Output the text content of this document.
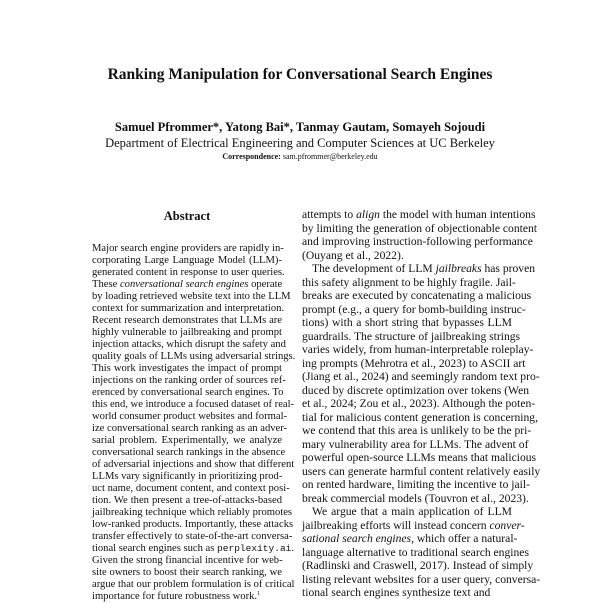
Ranking Manipulation for Conversational Search Engines
Samuel Pfrommer*, Yatong Bai*, Tanmay Gautam, Somayeh Sojoudi
Department of Electrical Engineering and Computer Sciences at UC Berkeley
Correspondence: sam.pfrommer@berkeley.edu
Abstract
Major search engine providers are rapidly in-
corporating Large Language Model (LLM)-
generated content in response to user queries.
These conversational search engines operate
by loading retrieved website text into the LLM
context for summarization and interpretation.
Recent research demonstrates that LLMs are
highly vulnerable to jailbreaking and prompt
injection attacks, which disrupt the safety and
quality goals of LLMs using adversarial strings.
This work investigates the impact of prompt
injections on the ranking order of sources ref-
erenced by conversational search engines. To
this end, we introduce a focused dataset of real-
world consumer product websites and formal-
ize conversational search ranking as an adver-
sarial problem. Experimentally, we analyze
conversational search rankings in the absence
of adversarial injections and show that different
LLMs vary significantly in prioritizing prod-
uct name, document content, and context posi-
tion. We then present a tree-of-attacks-based
jailbreaking technique which reliably promotes
low-ranked products. Importantly, these attacks
transfer effectively to state-of-the-art conversa-
tional search engines such as perplexity.ai.
Given the strong financial incentive for web-
site owners to boost their search ranking, we
argue that our problem formulation is of critical
importance for future robustness work.$^1$
attempts to align the model with human intentions
by limiting the generation of objectionable content
and improving instruction-following performance
(Ouyang et al., 2022).
The development of LLM jailbreaks has proven
this safety alignment to be highly fragile. Jail-
breaks are executed by concatenating a malicious
prompt (e.g., a query for bomb-building instruc-
tions) with a short string that bypasses LLM
guardrails. The structure of jailbreaking strings
varies widely, from human-interpretable roleplay-
ing prompts (Mehrotra et al., 2023) to ASCII art
(Jiang et al., 2024) and seemingly random text pro-
duced by discrete optimization over tokens (Wen
et al., 2024; Zou et al., 2023). Although the poten-
tial for malicious content generation is concerning,
we contend that this area is unlikely to be the pri-
mary vulnerability area for LLMs. The advent of
powerful open-source LLMs means that malicious
users can generate harmful content relatively easily
on rented hardware, limiting the incentive to jail-
break commercial models (Touvron et al., 2023).
We argue that a main application of LLM
jailbreaking efforts will instead concern conver-
sational search engines, which offer a natural-
language alternative to traditional search engines
(Radlinski and Craswell, 2017). Instead of simply
listing relevant websites for a user query, conversa-
tional search engines synthesize text and
